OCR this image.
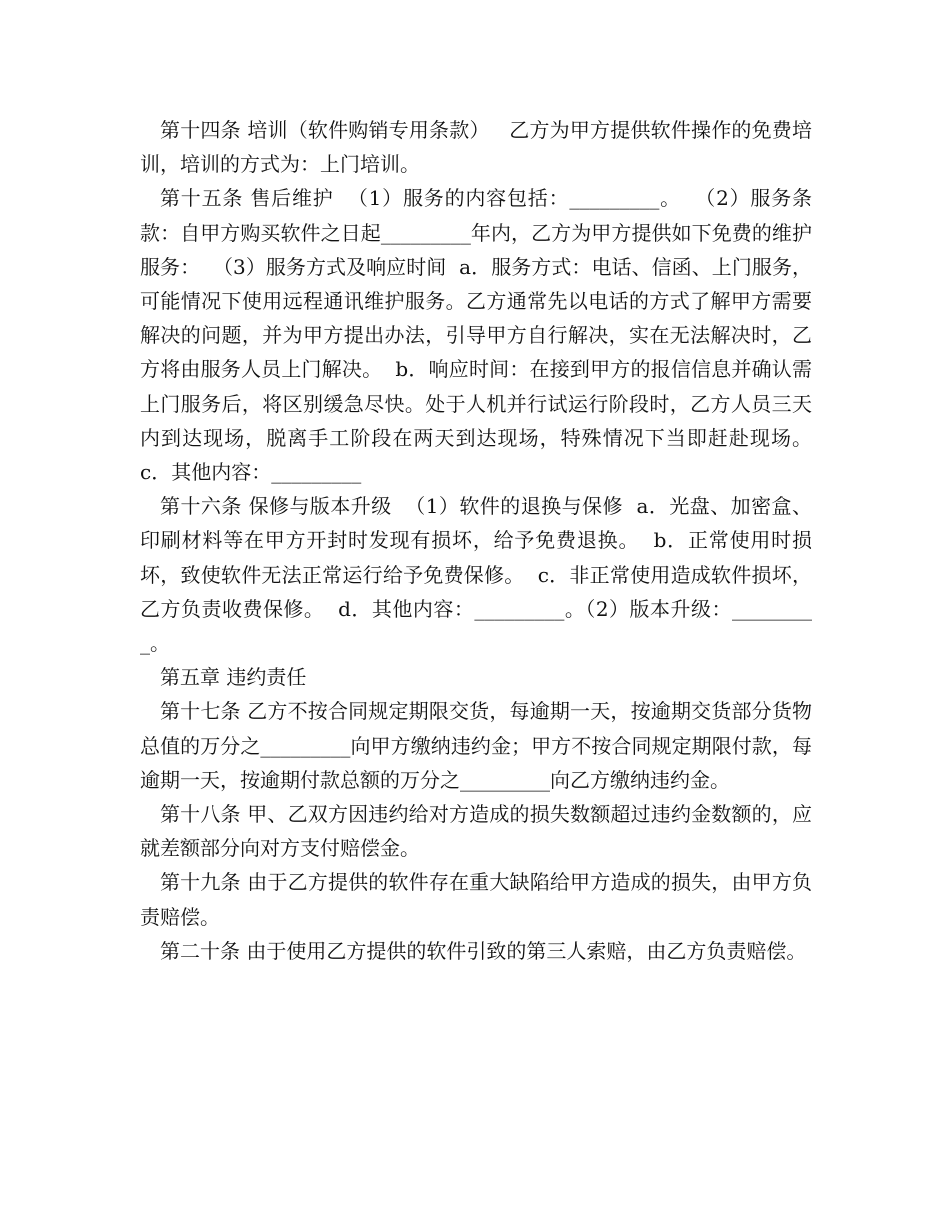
第十四条 培训（软件购销专用条款）   乙方为甲方提供软件操作的免费培训，培训的方式为：上门培训。

第十五条 售后维护  （1）服务的内容包括：_________。  （2）服务条款：自甲方购买软件之日起_________年内，乙方为甲方提供如下免费的维护服务：  （3）服务方式及响应时间  a．服务方式：电话、信函、上门服务，可能情况下使用远程通讯维护服务。乙方通常先以电话的方式了解甲方需要解决的问题，并为甲方提出办法，引导甲方自行解决，实在无法解决时，乙方将由服务人员上门解决。  b．响应时间：在接到甲方的报信信息并确认需上门服务后，将区别缓急尽快。处于人机并行试运行阶段时，乙方人员三天内到达现场，脱离手工阶段在两天到达现场，特殊情况下当即赶赴现场。  c．其他内容：_________

第十六条 保修与版本升级  （1）软件的退换与保修  a．光盘、加密盒、印刷材料等在甲方开封时发现有损坏，给予免费退换。  b．正常使用时损坏，致使软件无法正常运行给予免费保修。  c．非正常使用造成软件损坏，乙方负责收费保修。  d．其他内容：_________。（2）版本升级：_________。

第五章 违约责任

第十七条 乙方不按合同规定期限交货，每逾期一天，按逾期交货部分货物总值的万分之_________向甲方缴纳违约金；甲方不按合同规定期限付款，每逾期一天，按逾期付款总额的万分之_________向乙方缴纳违约金。

第十八条 甲、乙双方因违约给对方造成的损失数额超过违约金数额的，应就差额部分向对方支付赔偿金。

第十九条 由于乙方提供的软件存在重大缺陷给甲方造成的损失，由甲方负责赔偿。

第二十条 由于使用乙方提供的软件引致的第三人索赔，由乙方负责赔偿。
